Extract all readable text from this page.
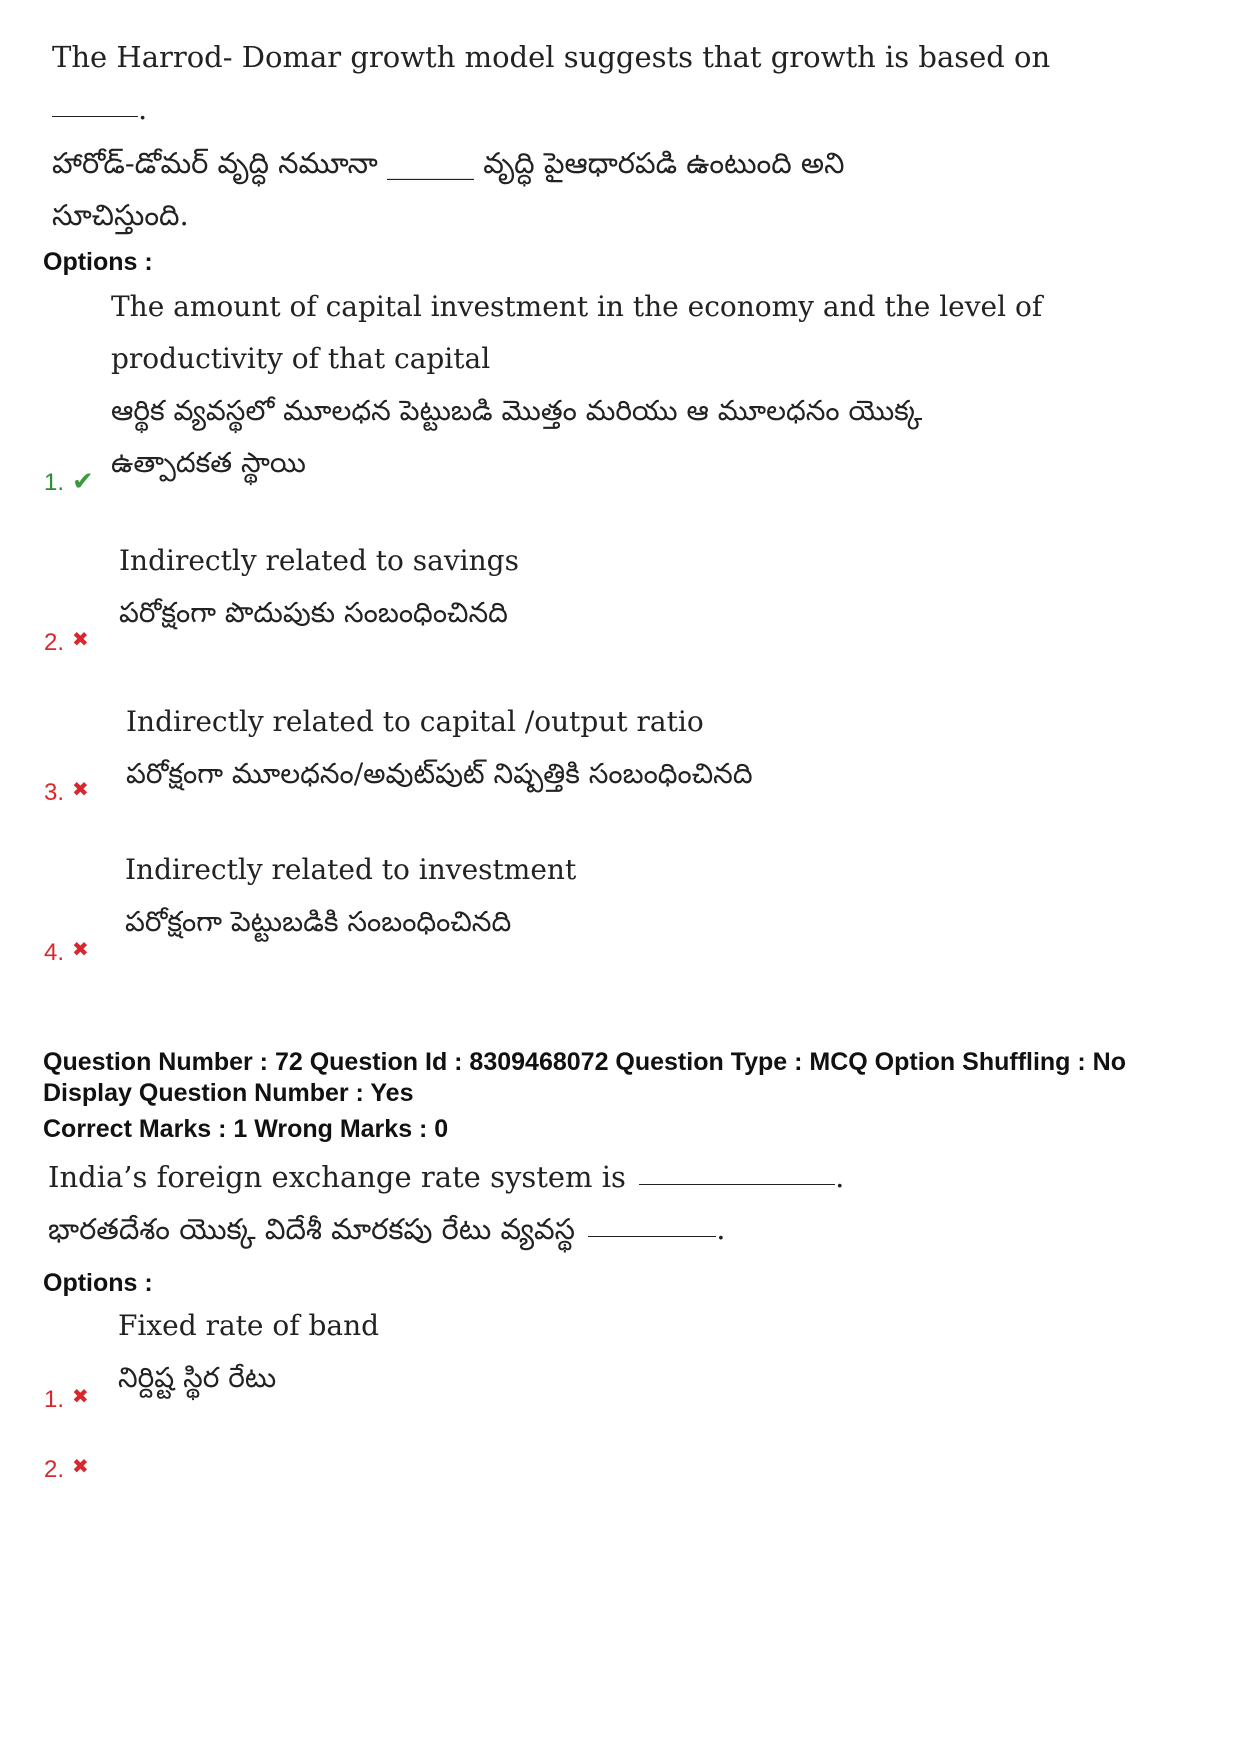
The Harrod- Domar growth model suggests that growth is based on
.
హారోడ్-డోమర్ వృద్ధి నమూనా ______ వృద్ధి పైఆధారపడి ఉంటుంది అని
సూచిస్తుంది.
Options :
The amount of capital investment in the economy and the level of
productivity of that capital
ఆర్థిక వ్యవస్థలో మూలధన పెట్టుబడి మొత్తం మరియు ఆ మూలధనం యొక్క
ఉత్పాదకత స్థాయి
1. ✔
Indirectly related to savings
పరోక్షంగా పొదుపుకు సంబంధించినది
2. ✖
Indirectly related to capital /output ratio
పరోక్షంగా మూలధనం/అవుట్‌పుట్ నిష్పత్తికి సంబంధించినది
3. ✖
Indirectly related to investment
పరోక్షంగా పెట్టుబడికి సంబంధించినది
4. ✖
Question Number : 72 Question Id : 8309468072 Question Type : MCQ Option Shuffling : No
Display Question Number : Yes
Correct Marks : 1 Wrong Marks : 0
India’s foreign exchange rate system is	.
భారతదేశం యొక్క విదేశీ మారకపు రేటు వ్యవస్థ	.
Options :
Fixed rate of band
నిర్దిష్ట స్థిర రేటు
1. ✖
2. ✖
